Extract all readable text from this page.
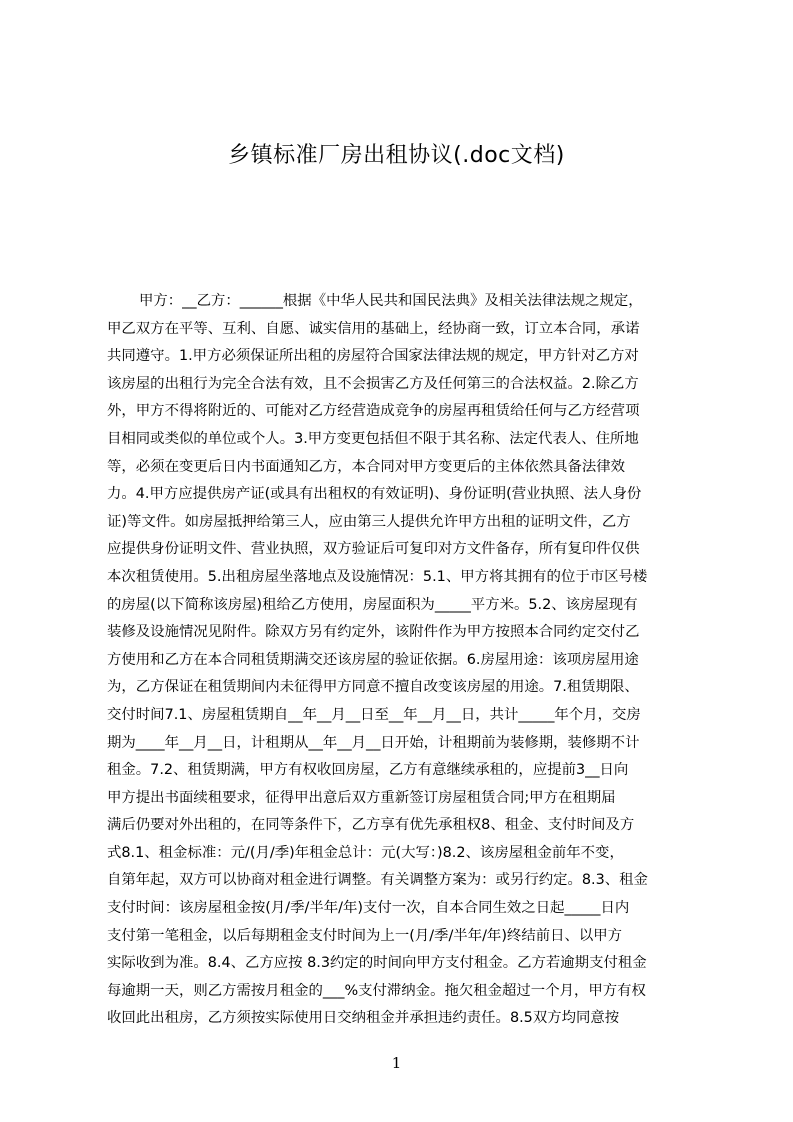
乡镇标准厂房出租协议(.doc文档)
甲方：__乙方：______根据《中华人民共和国民法典》及相关法律法规之规定，
甲乙双方在平等、互利、自愿、诚实信用的基础上，经协商一致，订立本合同，承诺
共同遵守。1.甲方必须保证所出租的房屋符合国家法律法规的规定，甲方针对乙方对
该房屋的出租行为完全合法有效，且不会损害乙方及任何第三的合法权益。2.除乙方
外，甲方不得将附近的、可能对乙方经营造成竞争的房屋再租赁给任何与乙方经营项
目相同或类似的单位或个人。3.甲方变更包括但不限于其名称、法定代表人、住所地
等，必须在变更后日内书面通知乙方，本合同对甲方变更后的主体依然具备法律效
力。4.甲方应提供房产证(或具有出租权的有效证明)、身份证明(营业执照、法人身份
证)等文件。如房屋抵押给第三人，应由第三人提供允许甲方出租的证明文件，乙方
应提供身份证明文件、营业执照，双方验证后可复印对方文件备存，所有复印件仅供
本次租赁使用。5.出租房屋坐落地点及设施情况：5.1、甲方将其拥有的位于市区号楼
的房屋(以下简称该房屋)租给乙方使用，房屋面积为_____平方米。5.2、该房屋现有
装修及设施情况见附件。除双方另有约定外，该附件作为甲方按照本合同约定交付乙
方使用和乙方在本合同租赁期满交还该房屋的验证依据。6.房屋用途：该项房屋用途
为，乙方保证在租赁期间内未征得甲方同意不擅自改变该房屋的用途。7.租赁期限、
交付时间7.1、房屋租赁期自__年__月__日至__年__月__日，共计_____年个月，交房
期为____年__月__日，计租期从__年__月__日开始，计租期前为装修期，装修期不计
租金。7.2、租赁期满，甲方有权收回房屋，乙方有意继续承租的，应提前3__日向
甲方提出书面续租要求，征得甲出意后双方重新签订房屋租赁合同;甲方在租期届
满后仍要对外出租的，在同等条件下，乙方享有优先承租权8、租金、支付时间及方
式8.1、租金标准：元/(月/季)年租金总计：元(大写：)8.2、该房屋租金前年不变，
自第年起，双方可以协商对租金进行调整。有关调整方案为：或另行约定。8.3、租金
支付时间：该房屋租金按(月/季/半年/年)支付一次，自本合同生效之日起_____日内
支付第一笔租金，以后每期租金支付时间为上一(月/季/半年/年)终结前日、以甲方
实际收到为准。8.4、乙方应按 8.3约定的时间向甲方支付租金。乙方若逾期支付租金
每逾期一天，则乙方需按月租金的___%支付滞纳金。拖欠租金超过一个月，甲方有权
收回此出租房，乙方须按实际使用日交纳租金并承担违约责任。8.5双方均同意按
1
